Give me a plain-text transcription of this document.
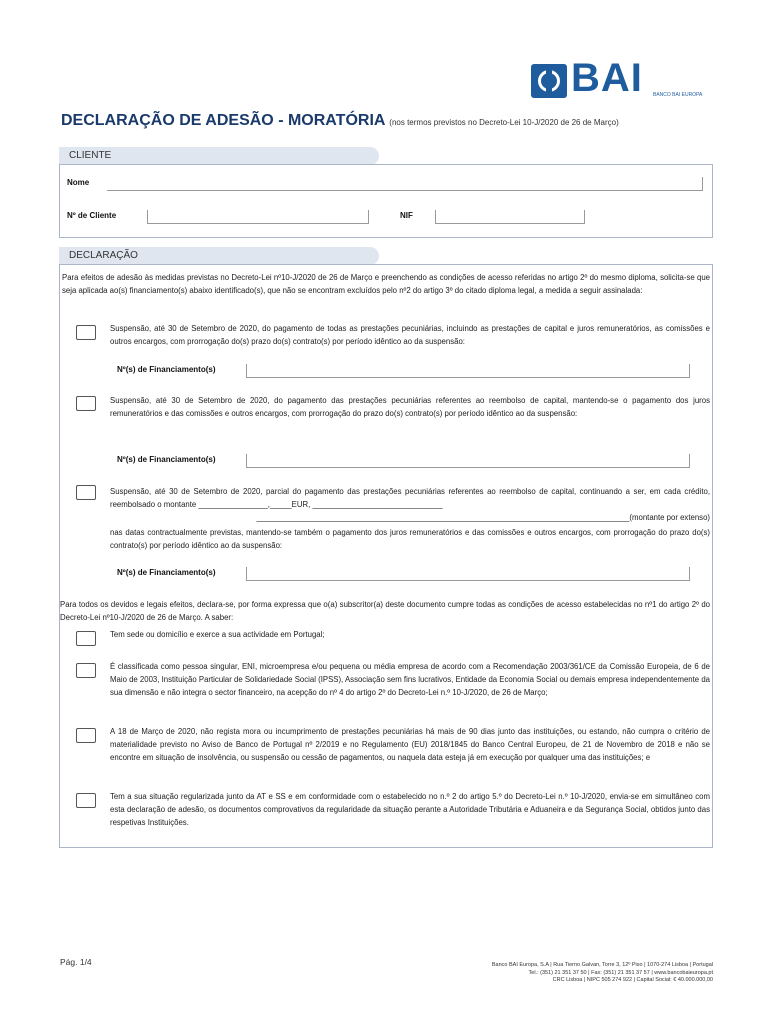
BAI BANCO BAI EUROPA
DECLARAÇÃO DE ADESÃO - MORATÓRIA (nos termos previstos no Decreto-Lei 10-J/2020 de 26 de Março)
CLIENTE
Nome
Nº de Cliente	NIF
DECLARAÇÃO
Para efeitos de adesão às medidas previstas no Decreto-Lei nº10-J/2020 de 26 de Março e preenchendo as condições de acesso referidas no artigo 2º do mesmo diploma, solicita-se que seja aplicada ao(s) financiamento(s) abaixo identificado(s), que não se encontram excluídos pelo nº2 do artigo 3º do citado diploma legal, a medida a seguir assinalada:
Suspensão, até 30 de Setembro de 2020, do pagamento de todas as prestações pecuniárias, incluindo as prestações de capital e juros remuneratórios, as comissões e outros encargos, com prorrogação do(s) prazo do(s) contrato(s) por período idêntico ao da suspensão:
Nº(s) de Financiamento(s)
Suspensão, até 30 de Setembro de 2020, do pagamento das prestações pecuniárias referentes ao reembolso de capital, mantendo-se o pagamento dos juros remuneratórios e das comissões e outros encargos, com prorrogação do prazo do(s) contrato(s) por período idêntico ao da suspensão:
Nº(s) de Financiamento(s)
Suspensão, até 30 de Setembro de 2020, parcial do pagamento das prestações pecuniárias referentes ao reembolso de capital, continuando a ser, em cada crédito, reembolsado o montante ________________,_____EUR, ______________________________
______________________________________________________________________________________(montante por extenso)
nas datas contractualmente previstas, mantendo-se também o pagamento dos juros remuneratórios e das comissões e outros encargos, com prorrogação do prazo do(s) contrato(s) por período idêntico ao da suspensão:
Nº(s) de Financiamento(s)
Para todos os devidos e legais efeitos, declara-se, por forma expressa que o(a) subscritor(a) deste documento cumpre todas as condições de acesso estabelecidas no nº1 do artigo 2º do Decreto-Lei nº10-J/2020 de 26 de Março. A saber:
Tem sede ou domicílio e exerce a sua actividade em Portugal;
É classificada como pessoa singular, ENI, microempresa e/ou pequena ou média empresa de acordo com a Recomendação 2003/361/CE da Comissão Europeia, de 6 de Maio de 2003, Instituição Particular de Solidariedade Social (IPSS), Associação sem fins lucrativos, Entidade da Economia Social ou demais empresa independentemente da sua dimensão e não integra o sector financeiro, na acepção do nº 4 do artigo 2º do Decreto-Lei n.º 10-J/2020, de 26 de Março;
A 18 de Março de 2020, não regista mora ou incumprimento de prestações pecuniárias há mais de 90 dias junto das instituições, ou estando, não cumpra o critério de materialidade previsto no Aviso de Banco de Portugal nº 2/2019 e no Regulamento (EU) 2018/1845 do Banco Central Europeu, de 21 de Novembro de 2018 e não se encontre em situação de insolvência, ou suspensão ou cessão de pagamentos, ou naquela data esteja já em execução por qualquer uma das instituições; e
Tem a sua situação regularizada junto da AT e SS e em conformidade com o estabelecido no n.º 2 do artigo 5.º do Decreto-Lei n.º 10-J/2020, envia-se em simultâneo com esta declaração de adesão, os documentos comprovativos da regularidade da situação perante a Autoridade Tributária e Aduaneira e da Segurança Social, obtidos junto das respetivas Instituições.
Pág. 1/4	Banco BAI Europa, S.A | Rua Tierno Galvan, Torre 3, 12º Piso | 1070-274 Lisboa | Portugal
Tel.: (351) 21 351 37 50 | Fax: (351) 21 351 37 57 | www.bancobaieuropa.pt
CRC Lisboa | NIPC 505 274 922 | Capital Social: € 40.000.000,00
